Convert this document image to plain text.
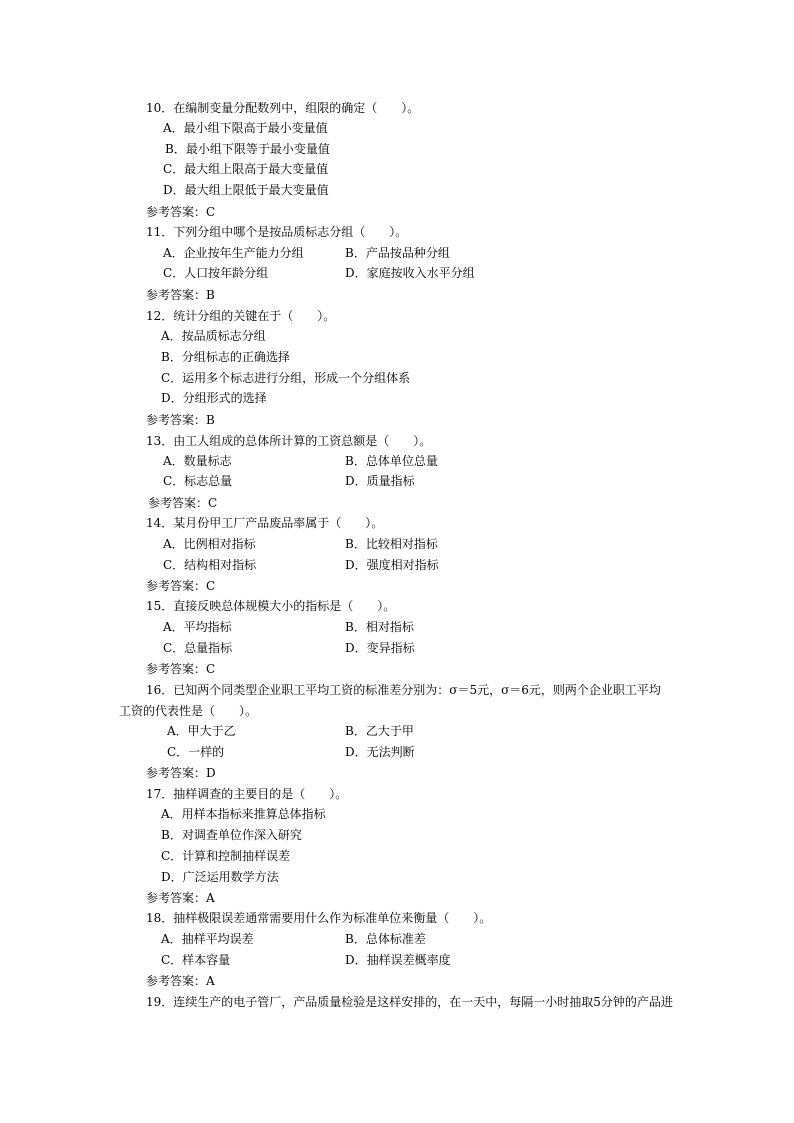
10．在编制变量分配数列中，组限的确定（　　）。
A．最小组下限高于最小变量值
B．最小组下限等于最小变量值
C．最大组上限高于最大变量值
D．最大组上限低于最大变量值
参考答案：C
11．下列分组中哪个是按品质标志分组（　　）。
A．企业按年生产能力分组	B．产品按品种分组
C．人口按年龄分组	D．家庭按收入水平分组
参考答案：B
12．统计分组的关键在于（　　）。
A．按品质标志分组
B．分组标志的正确选择
C．运用多个标志进行分组，形成一个分组体系
D．分组形式的选择
参考答案：B
13．由工人组成的总体所计算的工资总额是（　　）。
A．数量标志	B．总体单位总量
C．标志总量	D．质量指标
参考答案：C
14．某月份甲工厂产品废品率属于（　　）。
A．比例相对指标	B．比较相对指标
C．结构相对指标	D．强度相对指标
参考答案：C
15．直接反映总体规模大小的指标是（　　）。
A．平均指标	B．相对指标
C．总量指标	D．变异指标
参考答案：C
16．已知两个同类型企业职工平均工资的标准差分别为：σ＝5元，σ＝6元，则两个企业职工平均
工资的代表性是（　　）。
A．甲大于乙	B．乙大于甲
C．一样的	D．无法判断
参考答案：D
17．抽样调查的主要目的是（　　）。
A．用样本指标来推算总体指标
B．对调查单位作深入研究
C．计算和控制抽样误差
D．广泛运用数学方法
参考答案：A
18．抽样极限误差通常需要用什么作为标准单位来衡量（　　）。
A．抽样平均误差	B．总体标准差
C．样本容量	D．抽样误差概率度
参考答案：A
19．连续生产的电子管厂，产品质量检验是这样安排的，在一天中，每隔一小时抽取5分钟的产品进
